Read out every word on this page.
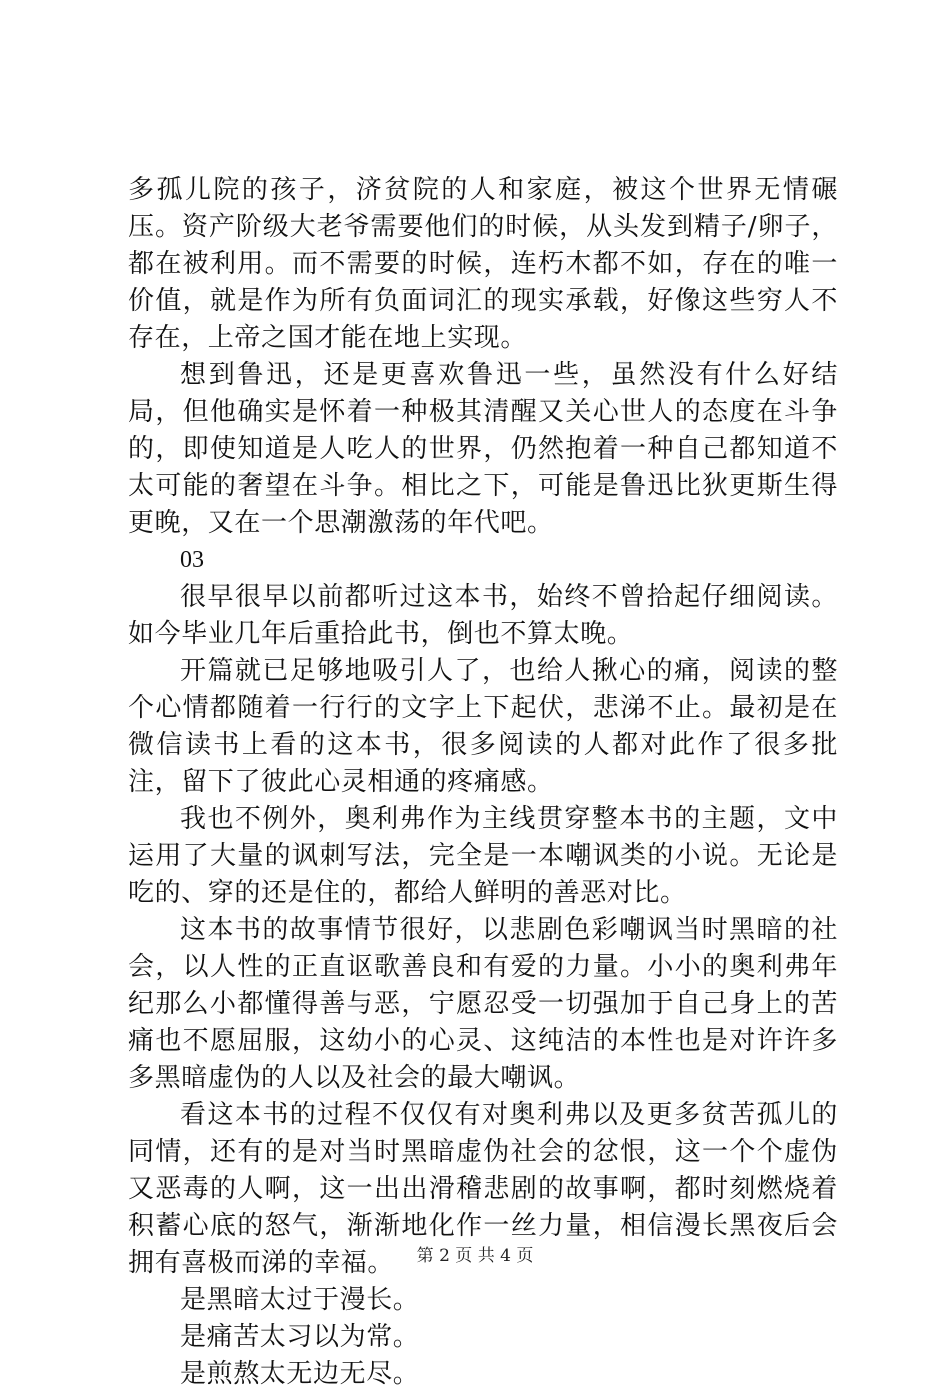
多孤儿院的孩子，济贫院的人和家庭，被这个世界无情碾压。资产阶级大老爷需要他们的时候，从头发到精子/卵子，都在被利用。而不需要的时候，连朽木都不如，存在的唯一价值，就是作为所有负面词汇的现实承载，好像这些穷人不存在，上帝之国才能在地上实现。

想到鲁迅，还是更喜欢鲁迅一些，虽然没有什么好结局，但他确实是怀着一种极其清醒又关心世人的态度在斗争的，即使知道是人吃人的世界，仍然抱着一种自己都知道不太可能的奢望在斗争。相比之下，可能是鲁迅比狄更斯生得更晚，又在一个思潮激荡的年代吧。

03

很早很早以前都听过这本书，始终不曾拾起仔细阅读。如今毕业几年后重拾此书，倒也不算太晚。

开篇就已足够地吸引人了，也给人揪心的痛，阅读的整个心情都随着一行行的文字上下起伏，悲涕不止。最初是在微信读书上看的这本书，很多阅读的人都对此作了很多批注，留下了彼此心灵相通的疼痛感。

我也不例外，奥利弗作为主线贯穿整本书的主题，文中运用了大量的讽刺写法，完全是一本嘲讽类的小说。无论是吃的、穿的还是住的，都给人鲜明的善恶对比。

这本书的故事情节很好，以悲剧色彩嘲讽当时黑暗的社会，以人性的正直讴歌善良和有爱的力量。小小的奥利弗年纪那么小都懂得善与恶，宁愿忍受一切强加于自己身上的苦痛也不愿屈服，这幼小的心灵、这纯洁的本性也是对许许多多黑暗虚伪的人以及社会的最大嘲讽。

看这本书的过程不仅仅有对奥利弗以及更多贫苦孤儿的同情，还有的是对当时黑暗虚伪社会的忿恨，这一个个虚伪又恶毒的人啊，这一出出滑稽悲剧的故事啊，都时刻燃烧着积蓄心底的怒气，渐渐地化作一丝力量，相信漫长黑夜后会拥有喜极而涕的幸福。

是黑暗太过于漫长。

是痛苦太习以为常。

是煎熬太无边无尽。

第 2 页 共 4 页
